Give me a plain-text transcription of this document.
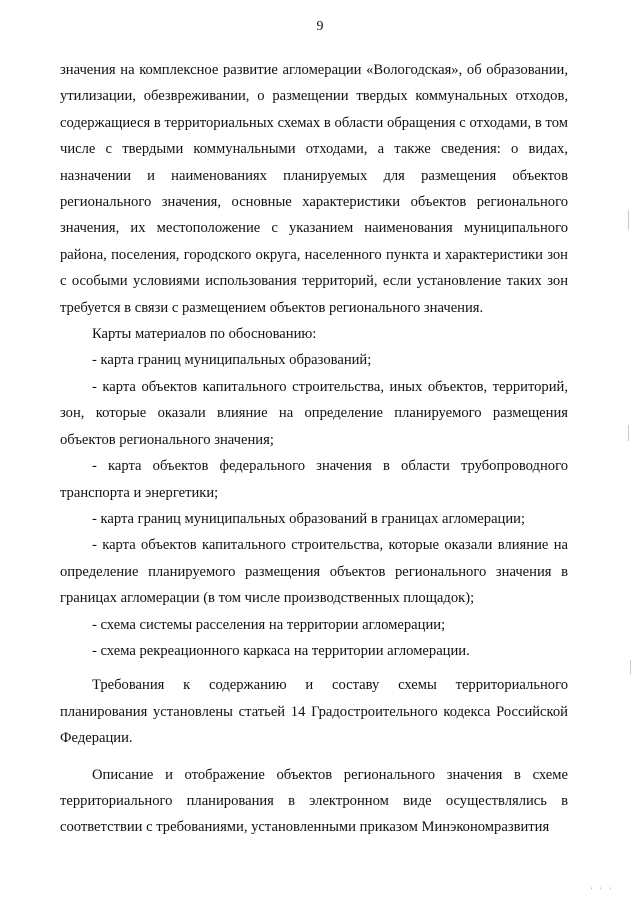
9

значения на комплексное развитие агломерации «Вологодская», об образовании, утилизации, обезвреживании, о размещении твердых коммунальных отходов, содержащиеся в территориальных схемах в области обращения с отходами, в том числе с твердыми коммунальными отходами, а также сведения: о видах, назначении и наименованиях планируемых для размещения объектов регионального значения, основные характеристики объектов регионального значения, их местоположение с указанием наименования муниципального района, поселения, городского округа, населенного пункта и характеристики зон с особыми условиями использования территорий, если установление таких зон требуется в связи с размещением объектов регионального значения.

Карты материалов по обоснованию:

- карта границ муниципальных образований;

- карта объектов капитального строительства, иных объектов, территорий, зон, которые оказали влияние на определение планируемого размещения объектов регионального значения;

- карта объектов федерального значения в области трубопроводного транспорта и энергетики;

- карта границ муниципальных образований в границах агломерации;

- карта объектов капитального строительства, которые оказали влияние на определение планируемого размещения объектов регионального значения в границах агломерации (в том числе производственных площадок);

- схема системы расселения на территории агломерации;

- схема рекреационного каркаса на территории агломерации.

Требования к содержанию и составу схемы территориального планирования установлены статьей 14 Градостроительного кодекса Российской Федерации.

Описание и отображение объектов регионального значения в схеме территориального планирования в электронном виде осуществлялись в соответствии с требованиями, установленными приказом Минэкономразвития

' ' '
